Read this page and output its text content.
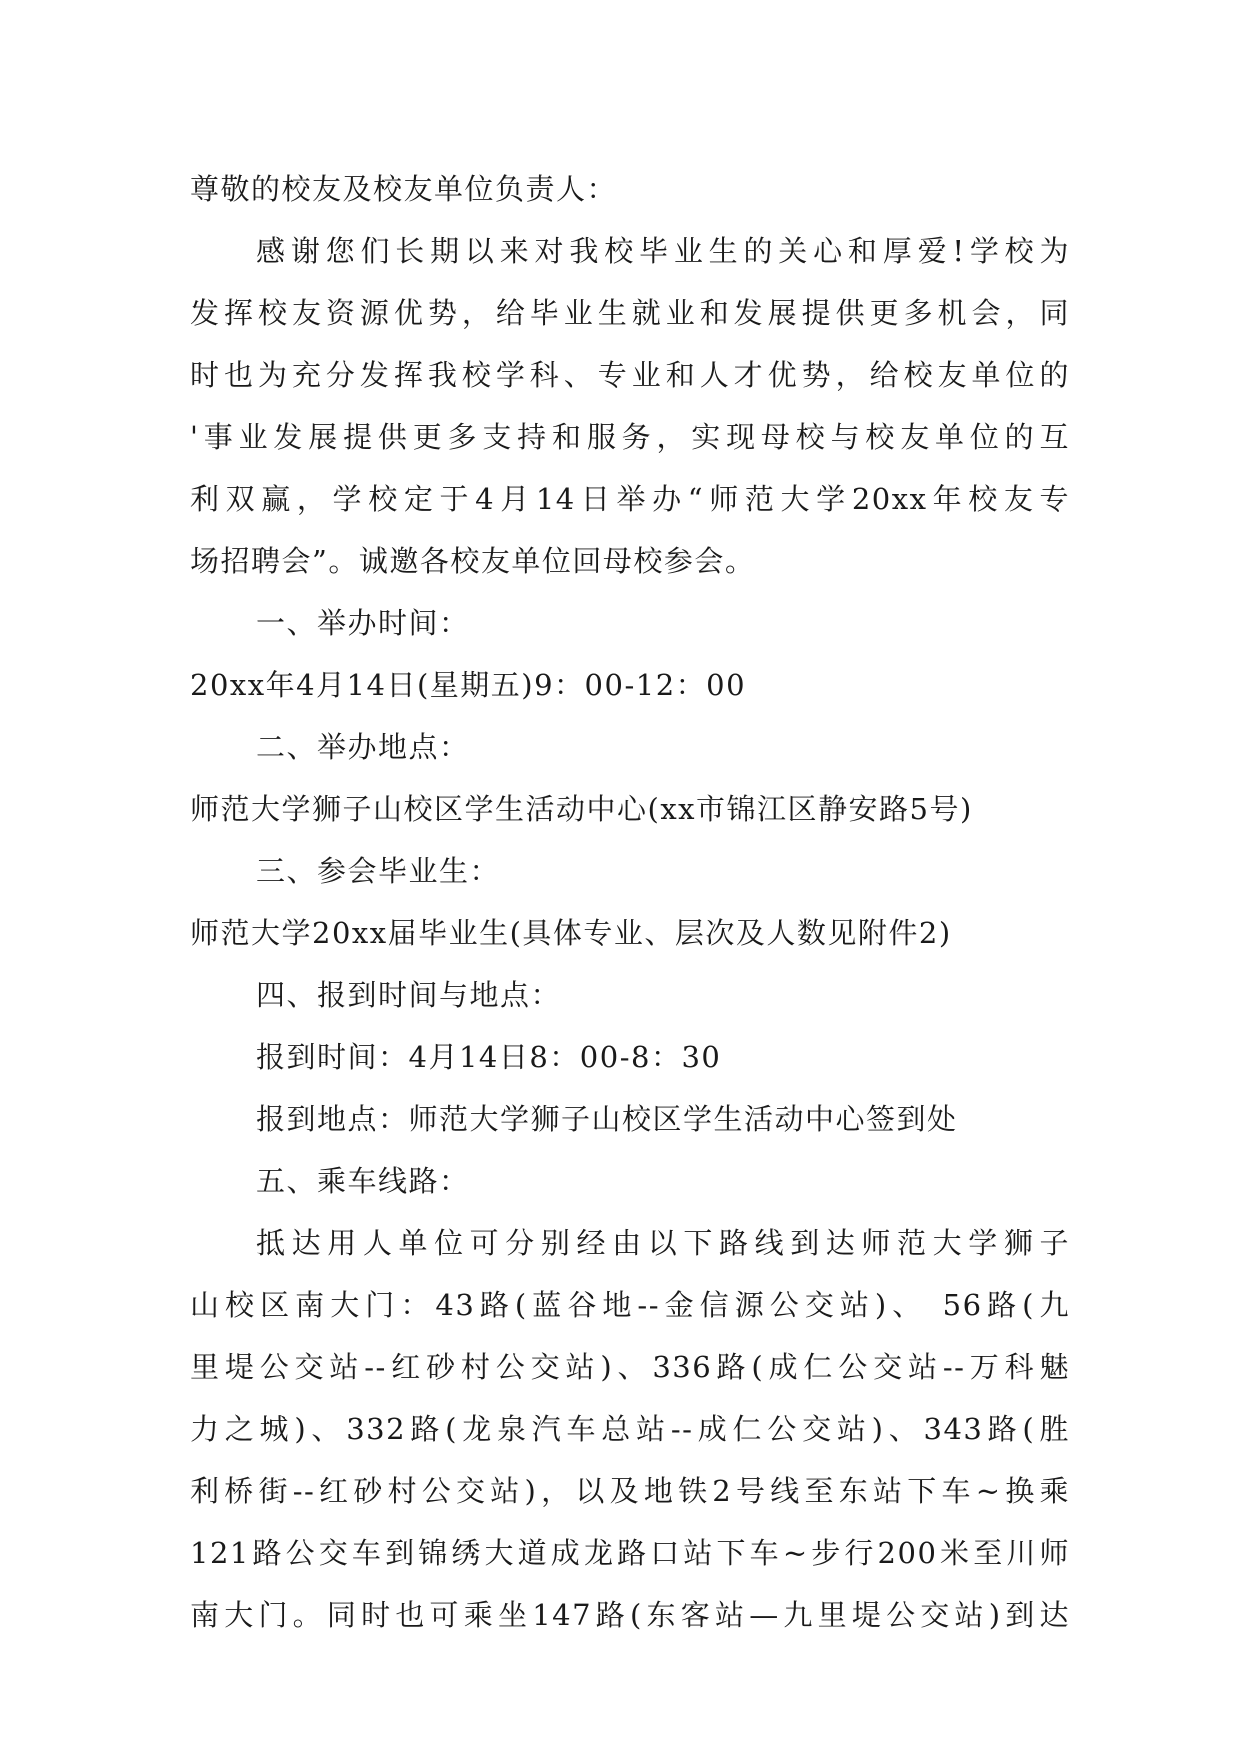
尊敬的校友及校友单位负责人：
感谢您们长期以来对我校毕业生的关心和厚爱!学校为
发挥校友资源优势，给毕业生就业和发展提供更多机会，同
时也为充分发挥我校学科、专业和人才优势，给校友单位的
'事业发展提供更多支持和服务，实现母校与校友单位的互
利双赢，学校定于4月14日举办“师范大学20xx年校友专
场招聘会”。诚邀各校友单位回母校参会。
一、举办时间：
20xx年4月14日(星期五)9：00-12：00
二、举办地点：
师范大学狮子山校区学生活动中心(xx市锦江区静安路5号)
三、参会毕业生：
师范大学20xx届毕业生(具体专业、层次及人数见附件2)
四、报到时间与地点：
报到时间：4月14日8：00-8：30
报到地点：师范大学狮子山校区学生活动中心签到处
五、乘车线路：
抵达用人单位可分别经由以下路线到达师范大学狮子
山校区南大门：43路(蓝谷地--金信源公交站)、 56路(九
里堤公交站--红砂村公交站)、336路(成仁公交站--万科魅
力之城)、332路(龙泉汽车总站--成仁公交站)、343路(胜
利桥街--红砂村公交站)，以及地铁2号线至东站下车~换乘
121路公交车到锦绣大道成龙路口站下车~步行200米至川师
南大门。同时也可乘坐147路(东客站—九里堤公交站)到达
